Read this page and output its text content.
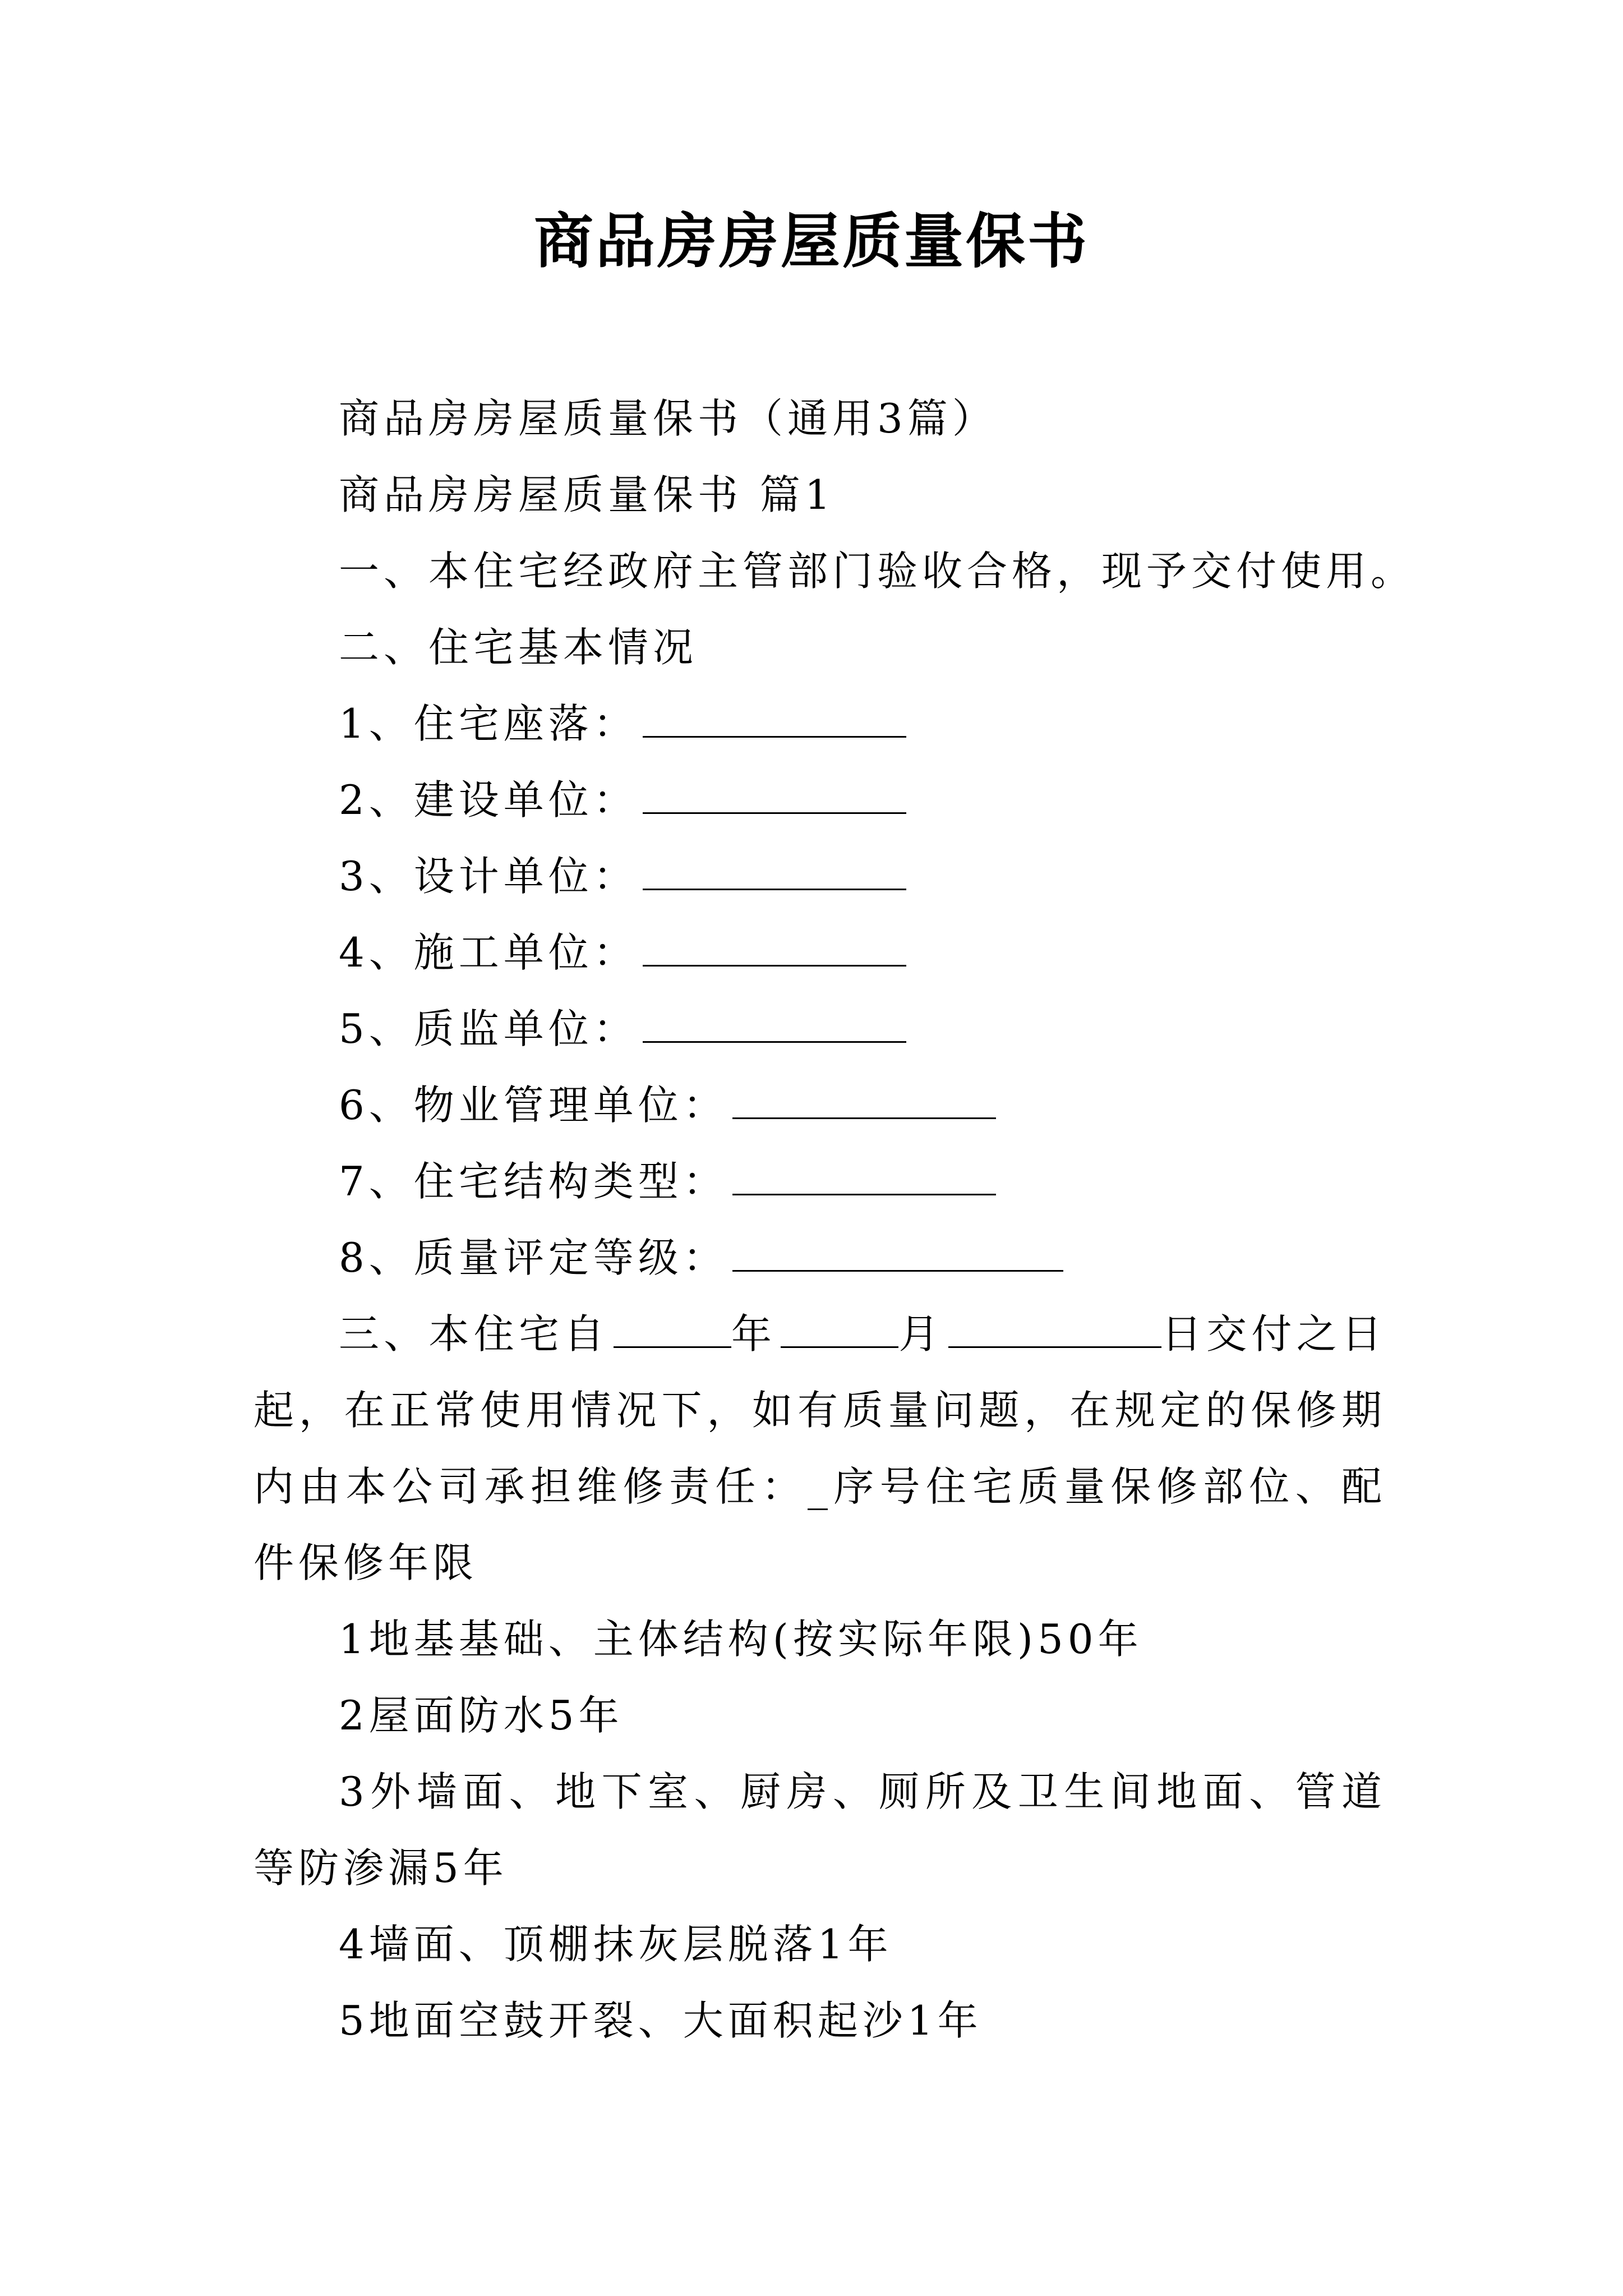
商品房房屋质量保书

商品房房屋质量保书（通用3篇）

商品房房屋质量保书 篇1

一、本住宅经政府主管部门验收合格，现予交付使用。

二、住宅基本情况

1、住宅座落：

2、建设单位：

3、设计单位：

4、施工单位：

5、质监单位：

6、物业管理单位：

7、住宅结构类型：

8、质量评定等级：

三、本住宅自	年	月	日交付之日起，在正常使用情况下，如有质量问题，在规定的保修期内由本公司承担维修责任：_序号住宅质量保修部位、配件保修年限

1地基基础、主体结构(按实际年限)50年

2屋面防水5年

3外墙面、地下室、厨房、厕所及卫生间地面、管道等防渗漏5年

4墙面、顶棚抹灰层脱落1年

5地面空鼓开裂、大面积起沙1年
